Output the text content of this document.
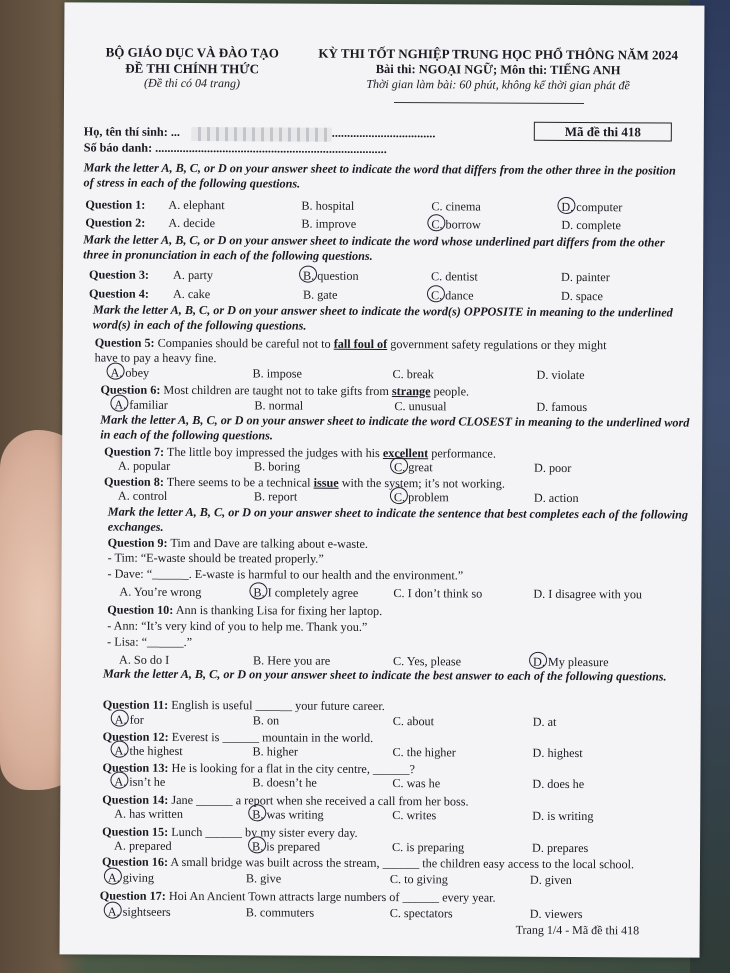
BỘ GIÁO DỤC VÀ ĐÀO TẠO
ĐỀ THI CHÍNH THỨC
(Đề thi có 04 trang)
KỲ THI TỐT NGHIỆP TRUNG HỌC PHỔ THÔNG NĂM 2024
Bài thi: NGOẠI NGỮ; Môn thi: TIẾNG ANH
Thời gian làm bài: 60 phút, không kể thời gian phát đề
Họ, tên thí sinh: ...	..................................
Số báo danh: ............................................................................
Mã đề thi 418
Mark the letter A, B, C, or D on your answer sheet to indicate the word that differs from the other three in the position of stress in each of the following questions.
Question 1: A. elephant	B. hospital	C. cinema	D. computer
Question 2: A. decide	B. improve	C. borrow	D. complete
Mark the letter A, B, C, or D on your answer sheet to indicate the word whose underlined part differs from the other three in pronunciation in each of the following questions.
Question 3: A. party	B. question	C. dentist	D. painter
Question 4: A. cake	B. gate	C. dance	D. space
Mark the letter A, B, C, or D on your answer sheet to indicate the word(s) OPPOSITE in meaning to the underlined word(s) in each of the following questions.
Question 5: Companies should be careful not to fall foul of government safety regulations or they might
have to pay a heavy fine.
A. obey	B. impose	C. break	D. violate
Question 6: Most children are taught not to take gifts from strange people.
A. familiar	B. normal	C. unusual	D. famous
Mark the letter A, B, C, or D on your answer sheet to indicate the word CLOSEST in meaning to the underlined word in each of the following questions.
Question 7: The little boy impressed the judges with his excellent performance.
A. popular	B. boring	C. great	D. poor
Question 8: There seems to be a technical issue with the system; it’s not working.
A. control	B. report	C. problem	D. action
Mark the letter A, B, C, or D on your answer sheet to indicate the sentence that best completes each of the following exchanges.
Question 9: Tim and Dave are talking about e-waste.
- Tim: “E-waste should be treated properly.”
- Dave: “______. E-waste is harmful to our health and the environment.”
A. You’re wrong	B. I completely agree	C. I don’t think so	D. I disagree with you
Question 10: Ann is thanking Lisa for fixing her laptop.
- Ann: “It’s very kind of you to help me. Thank you.”
- Lisa: “______.”
A. So do I	B. Here you are	C. Yes, please	D. My pleasure
Mark the letter A, B, C, or D on your answer sheet to indicate the best answer to each of the following questions.
Question 11: English is useful ______ your future career.
A. for	B. on	C. about	D. at
Question 12: Everest is ______ mountain in the world.
A. the highest	B. higher	C. the higher	D. highest
Question 13: He is looking for a flat in the city centre, ______?
A. isn’t he	B. doesn’t he	C. was he	D. does he
Question 14: Jane ______ a report when she received a call from her boss.
A. has written	B. was writing	C. writes	D. is writing
Question 15: Lunch ______ by my sister every day.
A. prepared	B. is prepared	C. is preparing	D. prepares
Question 16: A small bridge was built across the stream, ______ the children easy access to the local school.
A. giving	B. give	C. to giving	D. given
Question 17: Hoi An Ancient Town attracts large numbers of ______ every year.
A. sightseers	B. commuters	C. spectators	D. viewers
Trang 1/4 - Mã đề thi 418
